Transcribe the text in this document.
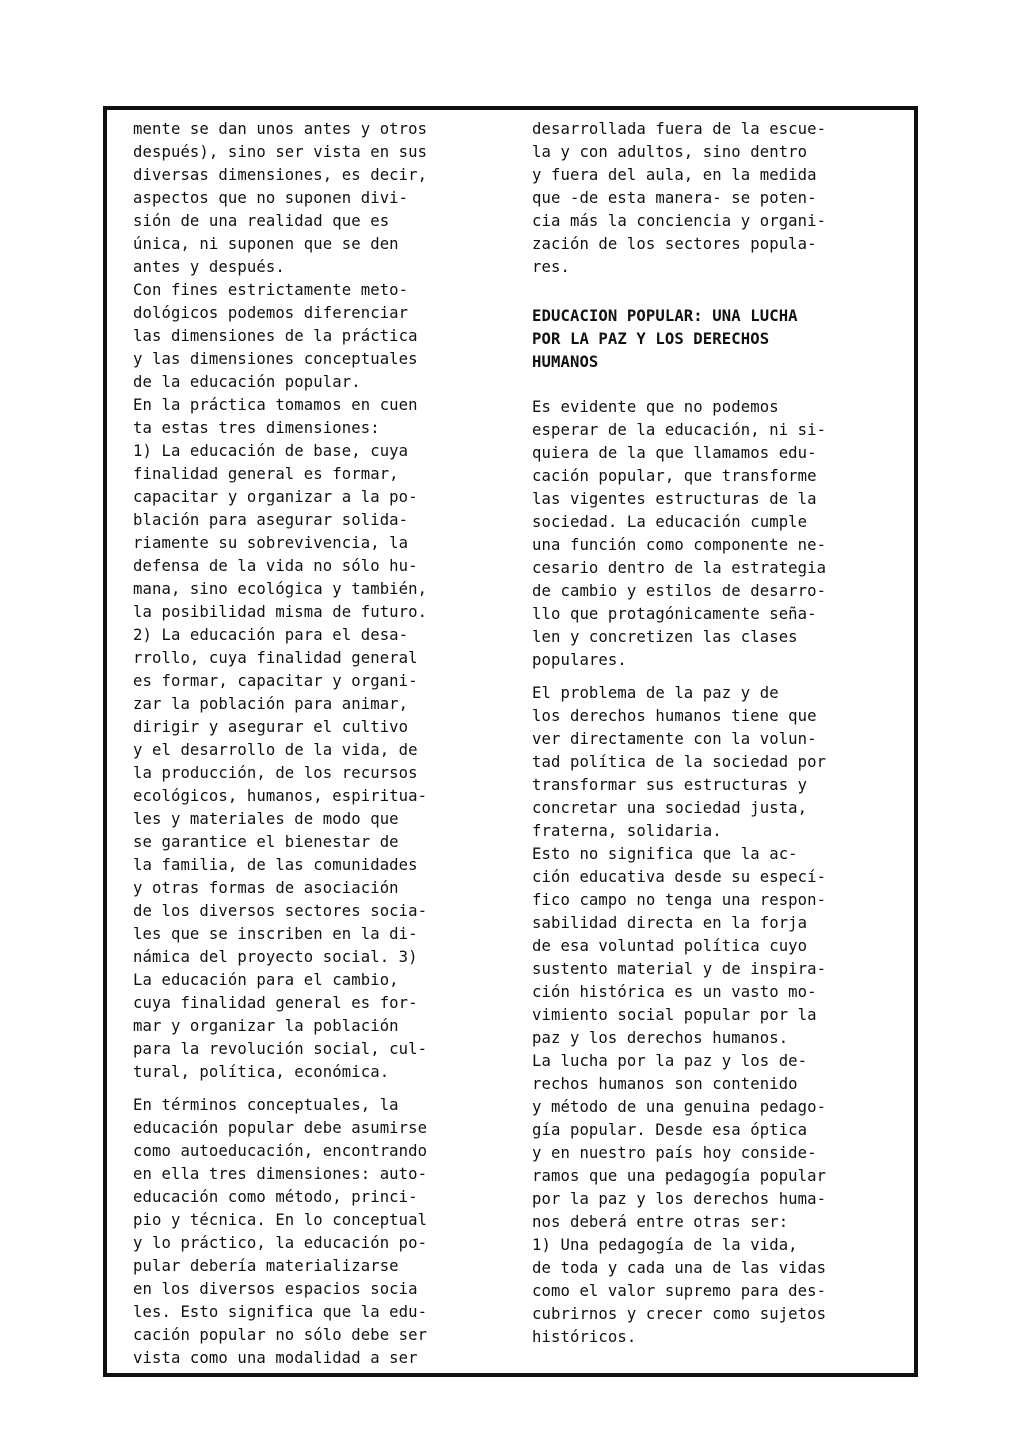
mente se dan unos antes y otros
después), sino ser vista en sus
diversas dimensiones, es decir,
aspectos que no suponen divi-
sión de una realidad que es
única, ni suponen que se den
antes y después.

Con fines estrictamente meto-
dológicos podemos diferenciar
las dimensiones de la práctica
y las dimensiones conceptuales
de la educación popular.

En la práctica tomamos en cuen
ta estas tres dimensiones:
1) La educación de base, cuya
finalidad general es formar,
capacitar y organizar a la po-
blación para asegurar solida-
riamente su sobrevivencia, la
defensa de la vida no sólo hu-
mana, sino ecológica y también,
la posibilidad misma de futuro.
2) La educación para el desa-
rrollo, cuya finalidad general
es formar, capacitar y organi-
zar la población para animar,
dirigir y asegurar el cultivo
y el desarrollo de la vida, de
la producción, de los recursos
ecológicos, humanos, espiritua-
les y materiales de modo que
se garantice el bienestar de
la familia, de las comunidades
y otras formas de asociación
de los diversos sectores socia-
les que se inscriben en la di-
námica del proyecto social. 3)
La educación para el cambio,
cuya finalidad general es for-
mar y organizar la población
para la revolución social, cul-
tural, política, económica.

En términos conceptuales, la
educación popular debe asumirse
como autoeducación, encontrando
en ella tres dimensiones: auto-
educación como método, princi-
pio y técnica. En lo conceptual
y lo práctico, la educación po-
pular debería materializarse
en los diversos espacios socia
les. Esto significa que la edu-
cación popular no sólo debe ser
vista como una modalidad a ser

desarrollada fuera de la escue-
la y con adultos, sino dentro
y fuera del aula, en la medida
que -de esta manera- se poten-
cia más la conciencia y organi-
zación de los sectores popula-
res.

EDUCACION POPULAR: UNA LUCHA
POR LA PAZ Y LOS DERECHOS
HUMANOS

Es evidente que no podemos
esperar de la educación, ni si-
quiera de la que llamamos edu-
cación popular, que transforme
las vigentes estructuras de la
sociedad. La educación cumple
una función como componente ne-
cesario dentro de la estrategia
de cambio y estilos de desarro-
llo que protagónicamente seña-
len y concretizen las clases
populares.

El problema de la paz y de
los derechos humanos tiene que
ver directamente con la volun-
tad política de la sociedad por
transformar sus estructuras y
concretar una sociedad justa,
fraterna, solidaria.

Esto no significa que la ac-
ción educativa desde su especí-
fico campo no tenga una respon-
sabilidad directa en la forja
de esa voluntad política cuyo
sustento material y de inspira-
ción histórica es un vasto mo-
vimiento social popular por la
paz y los derechos humanos.

La lucha por la paz y los de-
rechos humanos son contenido
y método de una genuina pedago-
gía popular. Desde esa óptica
y en nuestro país hoy conside-
ramos que una pedagogía popular
por la paz y los derechos huma-
nos deberá entre otras ser:

1) Una pedagogía de la vida,
de toda y cada una de las vidas
como el valor supremo para des-
cubrirnos y crecer como sujetos
históricos.
